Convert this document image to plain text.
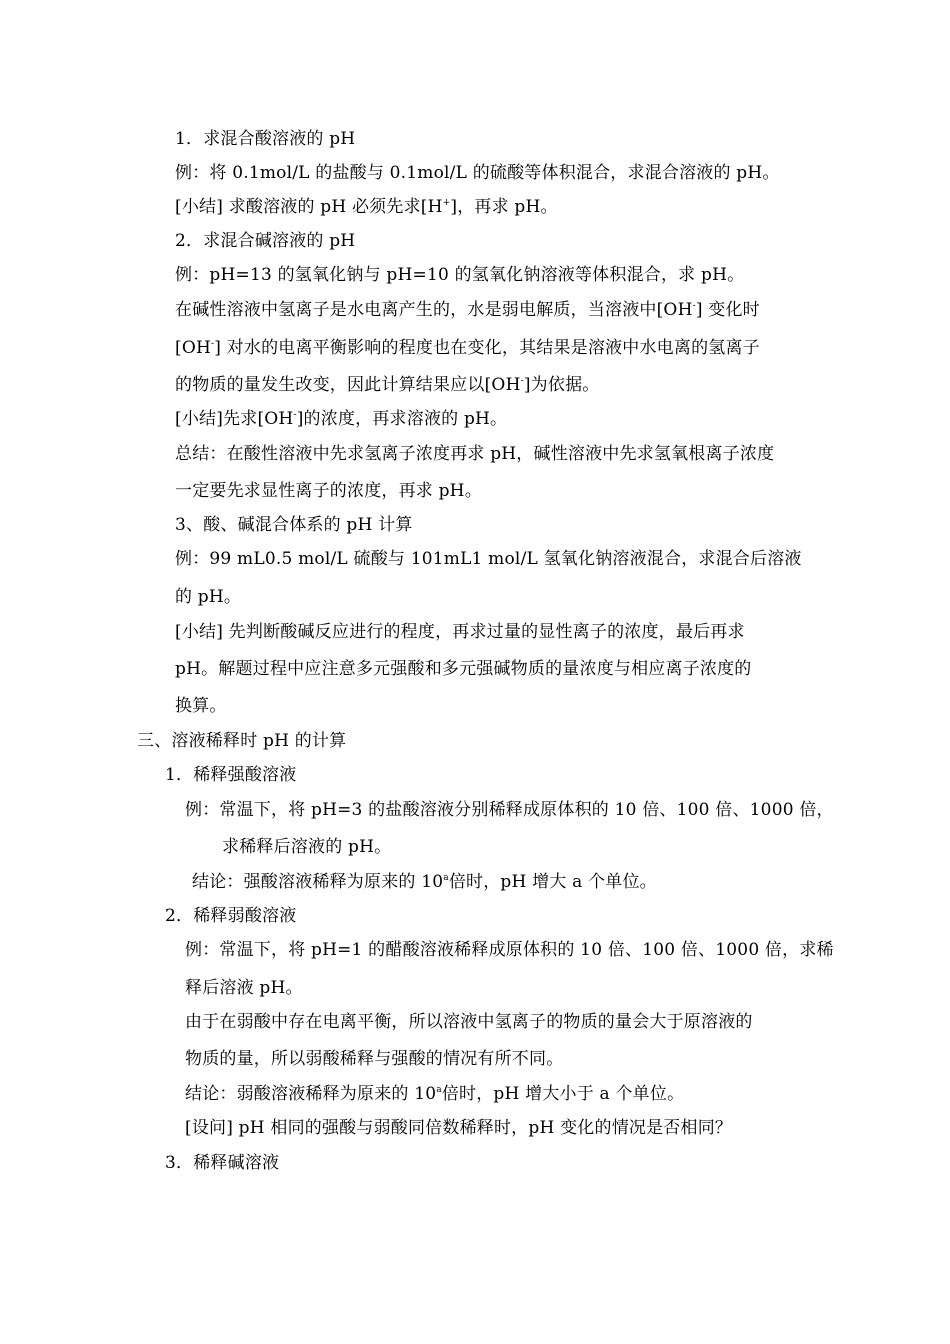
1．求混合酸溶液的 pH
例：将 0.1mol/L 的盐酸与 0.1mol/L 的硫酸等体积混合，求混合溶液的 pH。
[小结] 求酸溶液的 pH 必须先求[H+]，再求 pH。
2．求混合碱溶液的 pH
例：pH=13 的氢氧化钠与 pH=10 的氢氧化钠溶液等体积混合，求 pH。
在碱性溶液中氢离子是水电离产生的，水是弱电解质，当溶液中[OH-] 变化时
[OH-] 对水的电离平衡影响的程度也在变化，其结果是溶液中水电离的氢离子
的物质的量发生改变，因此计算结果应以[OH-]为依据。
[小结]先求[OH-]的浓度，再求溶液的 pH。
总结：在酸性溶液中先求氢离子浓度再求 pH，碱性溶液中先求氢氧根离子浓度
一定要先求显性离子的浓度，再求 pH。
3、酸、碱混合体系的 pH 计算
例：99 mL0.5 mol/L 硫酸与 101mL1 mol/L 氢氧化钠溶液混合，求混合后溶液
的 pH。
[小结] 先判断酸碱反应进行的程度，再求过量的显性离子的浓度，最后再求
pH。解题过程中应注意多元强酸和多元强碱物质的量浓度与相应离子浓度的
换算。
三、溶液稀释时 pH 的计算
1．稀释强酸溶液
例：常温下，将 pH=3 的盐酸溶液分别稀释成原体积的 10 倍、100 倍、1000 倍，
求稀释后溶液的 pH。
结论：强酸溶液稀释为原来的 10$^a$倍时，pH 增大 a 个单位。
2．稀释弱酸溶液
例：常温下，将 pH=1 的醋酸溶液稀释成原体积的 10 倍、100 倍、1000 倍，求稀
释后溶液 pH。
由于在弱酸中存在电离平衡，所以溶液中氢离子的物质的量会大于原溶液的
物质的量，所以弱酸稀释与强酸的情况有所不同。
结论：弱酸溶液稀释为原来的 10$^a$倍时，pH 增大小于 a 个单位。
[设问] pH 相同的强酸与弱酸同倍数稀释时，pH 变化的情况是否相同？
3．稀释碱溶液
